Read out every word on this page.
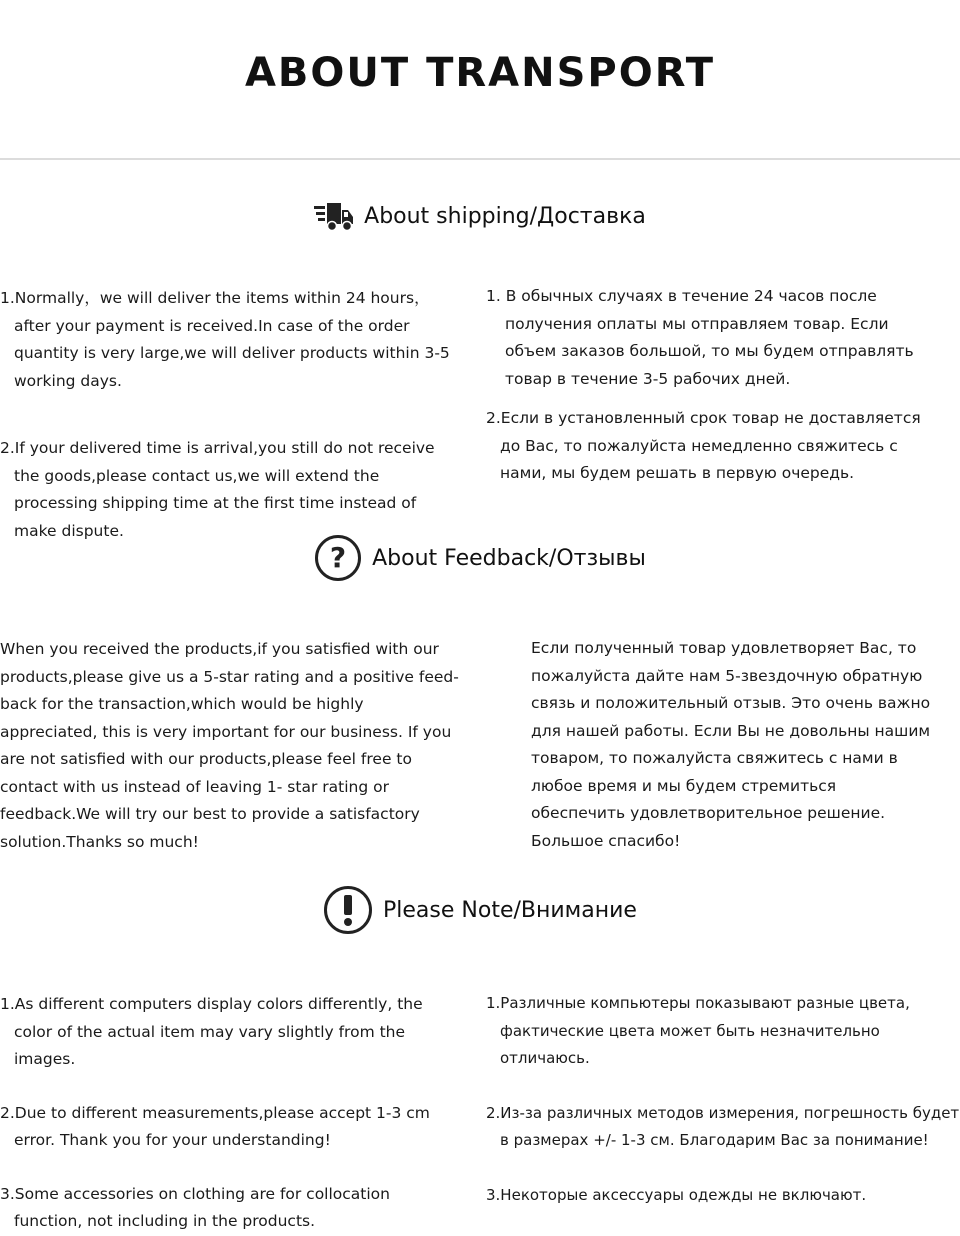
ABOUT TRANSPORT
About shipping/Доставка

1.Normally，we will deliver the items within 24 hours，after your payment is received.In case of the order quantity is very large,we will deliver products within 3-5 working days.

2.If your delivered time is arrival,you still do not receive the goods,please contact us,we will extend the processing shipping time at the first time instead of make dispute.

1. В обычных случаях в течение 24 часов после получения оплаты мы отправляем товар. Если объем заказов большой, то мы будем отправлять товар в течение 3-5 рабочих дней.

2.Если в установленный срок товар не доставляется до Вас, то пожалуйста немедленно свяжитесь с нами, мы будем решать в первую очередь.

? About Feedback/Отзывы

When you received the products,if you satisfied with our products,please give us a 5-star rating and a positive feed-back for the transaction,which would be highly appreciated, this is very important for our business. If you are not satisfied with our products,please feel free to contact with us instead of leaving 1- star rating or feedback.We will try our best to provide a satisfactory solution.Thanks so much!

Если полученный товар удовлетворяет Вас, то пожалуйста дайте нам 5-звездочную обратную связь и положительный отзыв. Это очень важно для нашей работы. Если Вы не довольны нашим товаром, то пожалуйста свяжитесь с нами в любое время и мы будем стремиться обеспечить удовлетворительное решение. Большое спасибо!

Please Note/Внимание

1.As different computers display colors differently, the color of the actual item may vary slightly from the images.

2.Due to different measurements,please accept 1-3 cm error. Thank you for your understanding!

3.Some accessories on clothing are for collocation function, not including in the products.

1.Различные компьютеры показывают разные цвета, фактические цвета может быть незначительно отличаюсь.

2.Из-за различных методов измерения, погрешность будет в размерах +/- 1-3 см. Благодарим Вас за понимание!

3.Некоторые аксессуары одежды не включают.
